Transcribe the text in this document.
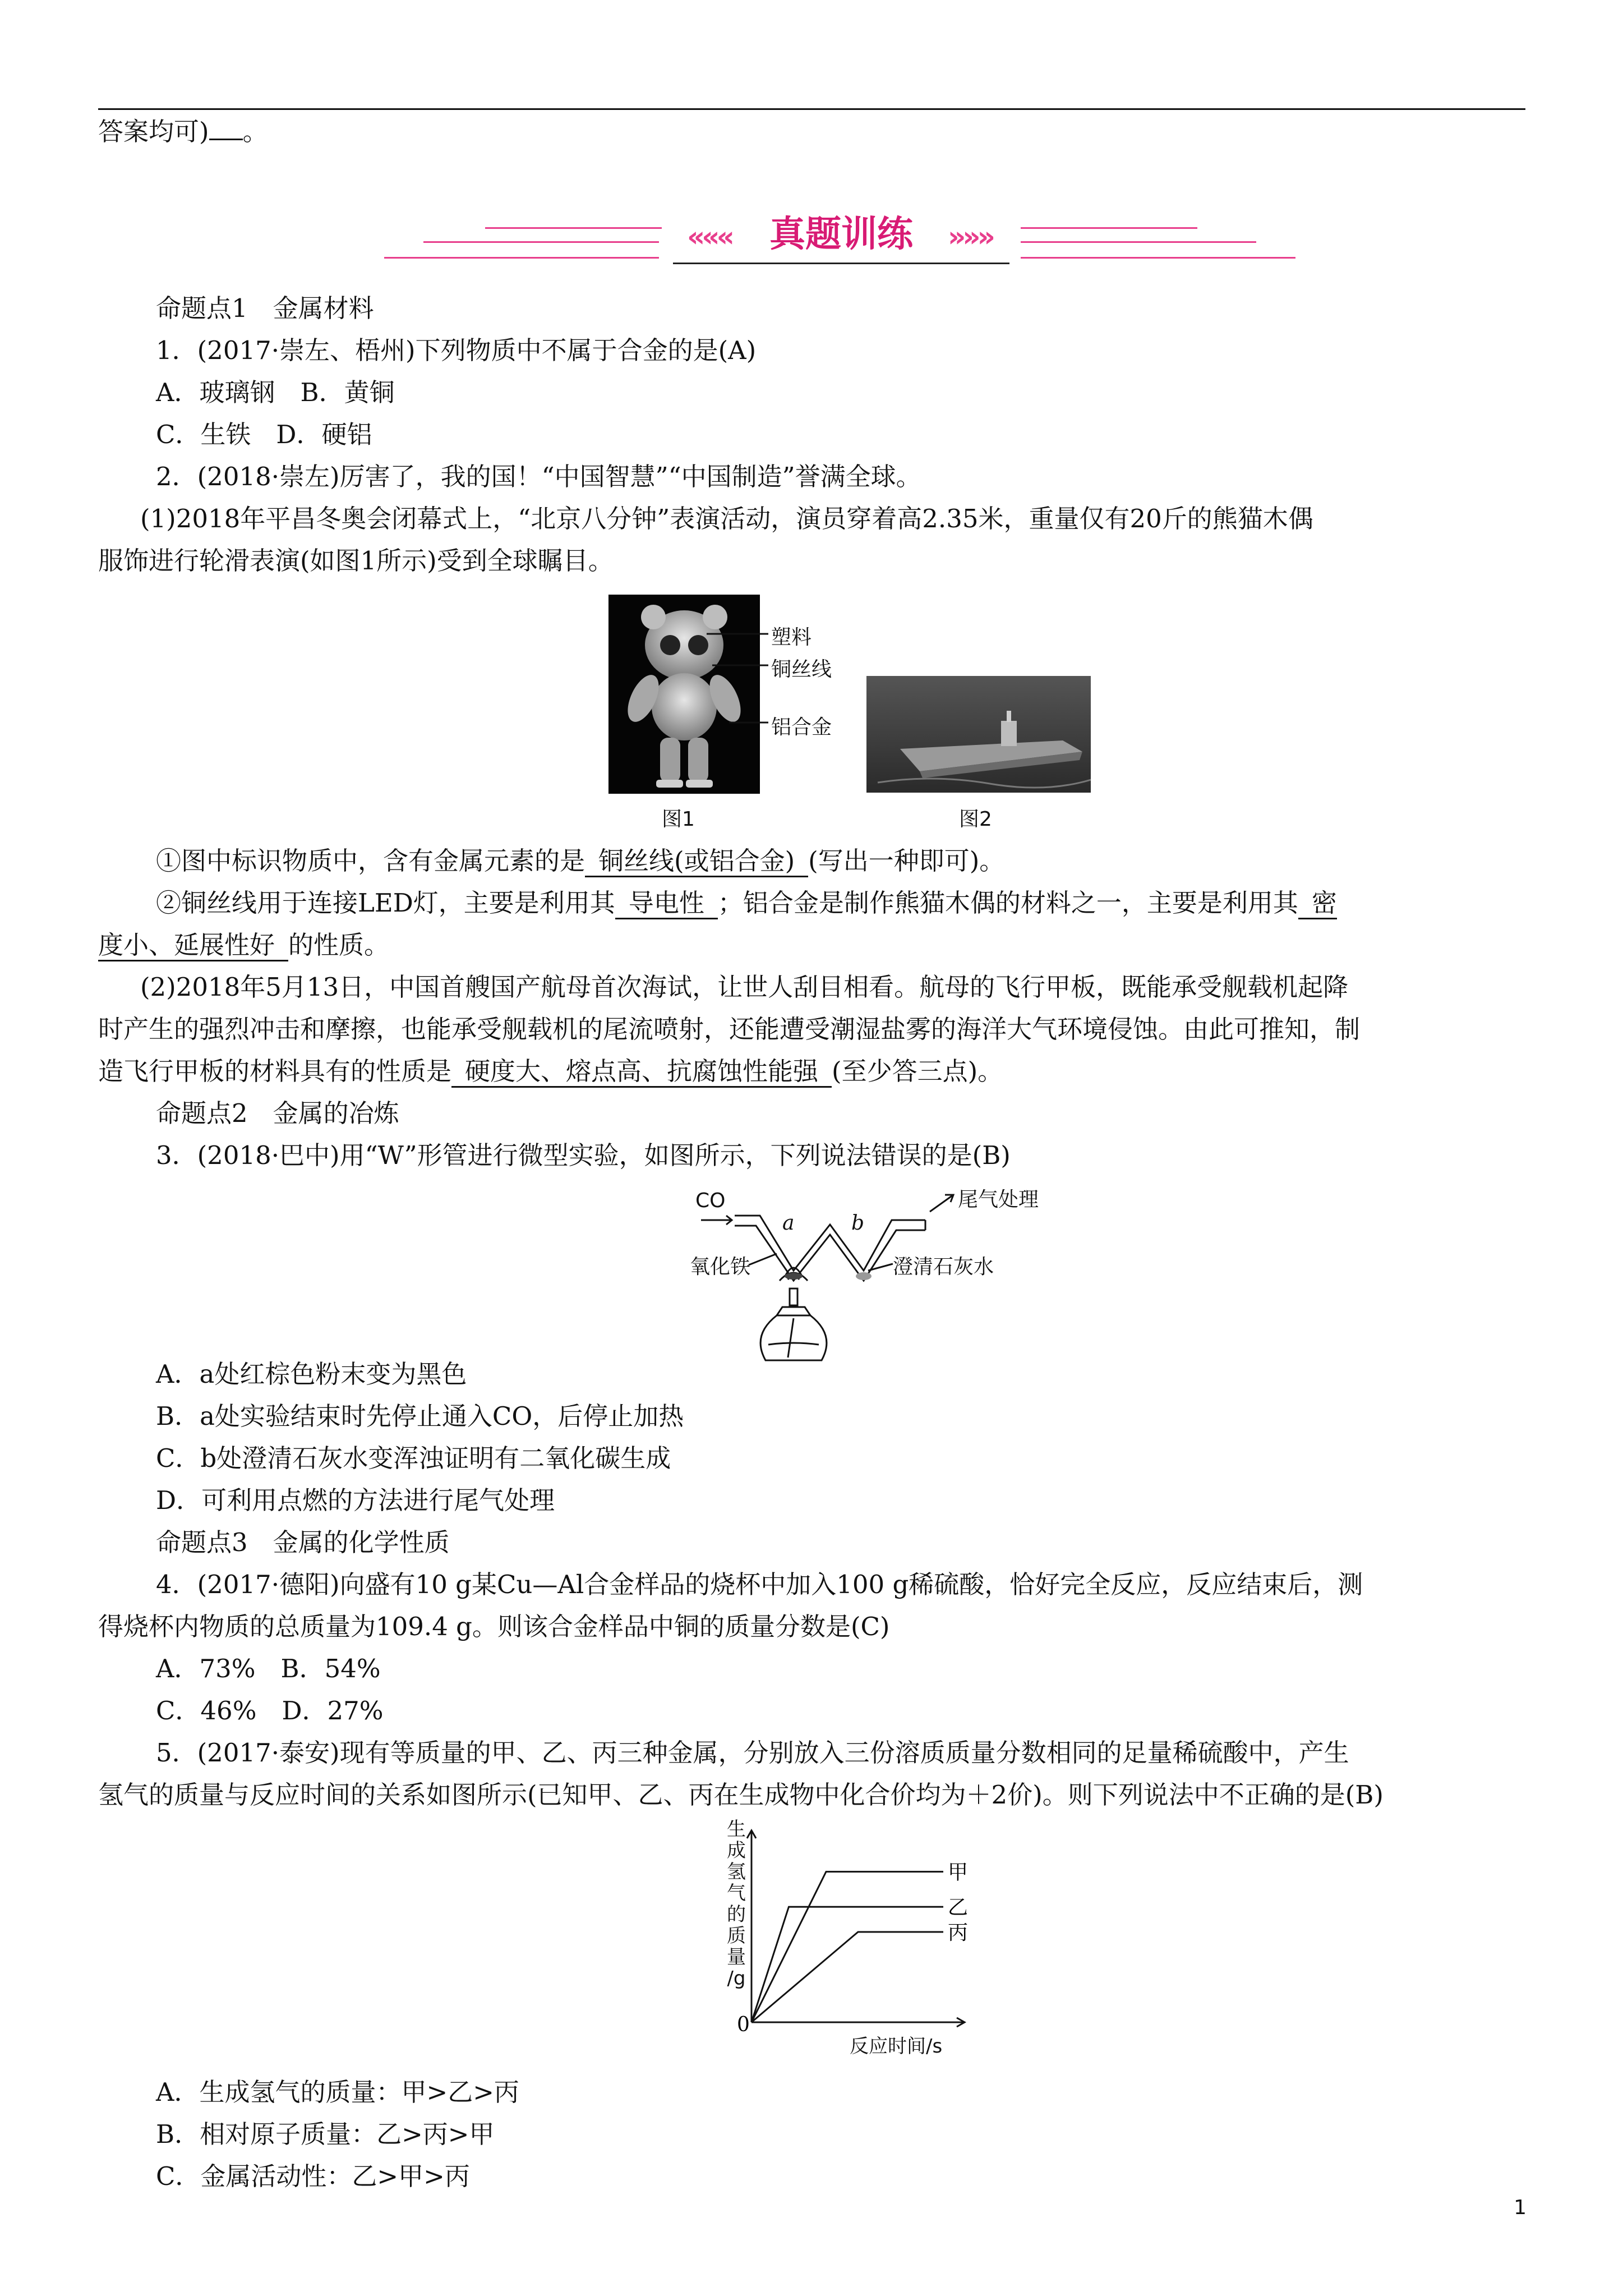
答案均可) 。
«««	»»»
真题训练
命题点1　金属材料
1．(2017·崇左、梧州)下列物质中不属于合金的是(A)
A．玻璃钢　B．黄铜
C．生铁　D．硬铝
2．(2018·崇左)厉害了，我的国！“中国智慧”“中国制造”誉满全球。
(1)2018年平昌冬奥会闭幕式上，“北京八分钟”表演活动，演员穿着高2.35米，重量仅有20斤的熊猫木偶
服饰进行轮滑表演(如图1所示)受到全球瞩目。
塑料
铜丝线
铝合金
图1	图2
①图中标识物质中，含有金属元素的是 铜丝线(或铝合金) (写出一种即可)。
②铜丝线用于连接LED灯，主要是利用其 导电性 ；铝合金是制作熊猫木偶的材料之一，主要是利用其 密
度小、延展性好 的性质。
(2)2018年5月13日，中国首艘国产航母首次海试，让世人刮目相看。航母的飞行甲板，既能承受舰载机起降
时产生的强烈冲击和摩擦，也能承受舰载机的尾流喷射，还能遭受潮湿盐雾的海洋大气环境侵蚀。由此可推知，制
造飞行甲板的材料具有的性质是 硬度大、熔点高、抗腐蚀性能强 (至少答三点)。
命题点2　金属的冶炼
3．(2018·巴中)用“W”形管进行微型实验，如图所示，下列说法错误的是(B)
CO
a	b
尾气处理
氧化铁	澄清石灰水
A．a处红棕色粉末变为黑色
B．a处实验结束时先停止通入CO，后停止加热
C．b处澄清石灰水变浑浊证明有二氧化碳生成
D．可利用点燃的方法进行尾气处理
命题点3　金属的化学性质
4．(2017·德阳)向盛有10 g某Cu—Al合金样品的烧杯中加入100 g稀硫酸，恰好完全反应，反应结束后，测
得烧杯内物质的总质量为109.4 g。则该合金样品中铜的质量分数是(C)
A．73%　B．54%
C．46%　D．27%
5．(2017·泰安)现有等质量的甲、乙、丙三种金属，分别放入三份溶质质量分数相同的足量稀硫酸中，产生
氢气的质量与反应时间的关系如图所示(已知甲、乙、丙在生成物中化合价均为＋2价)。则下列说法中不正确的是(B)
甲
乙
丙
0
生
成
氢
气
的
质
量
/g
反应时间/s
A．生成氢气的质量：甲>乙>丙
B．相对原子质量：乙>丙>甲
C．金属活动性：乙>甲>丙
1
